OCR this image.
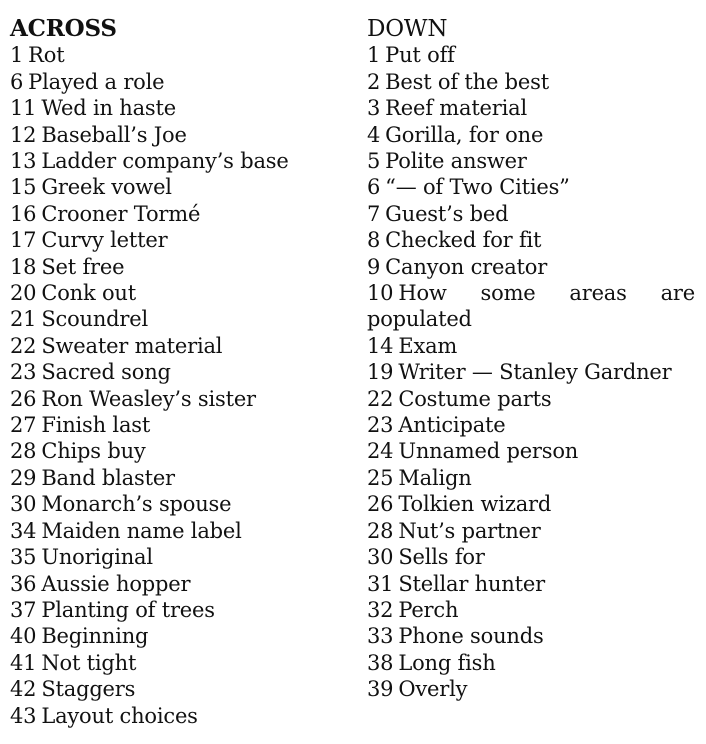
ACROSS
1 Rot
6 Played a role
11 Wed in haste
12 Baseball’s Joe
13 Ladder company’s base
15 Greek vowel
16 Crooner Tormé
17 Curvy letter
18 Set free
20 Conk out
21 Scoundrel
22 Sweater material
23 Sacred song
26 Ron Weasley’s sister
27 Finish last
28 Chips buy
29 Band blaster
30 Monarch’s spouse
34 Maiden name label
35 Unoriginal
36 Aussie hopper
37 Planting of trees
40 Beginning
41 Not tight
42 Staggers
43 Layout choices
DOWN
1 Put off
2 Best of the best
3 Reef material
4 Gorilla, for one
5 Polite answer
6 “— of Two Cities”
7 Guest’s bed
8 Checked for fit
9 Canyon creator
10 How some areas are populated
14 Exam
19 Writer — Stanley Gardner
22 Costume parts
23 Anticipate
24 Unnamed person
25 Malign
26 Tolkien wizard
28 Nut’s partner
30 Sells for
31 Stellar hunter
32 Perch
33 Phone sounds
38 Long fish
39 Overly
